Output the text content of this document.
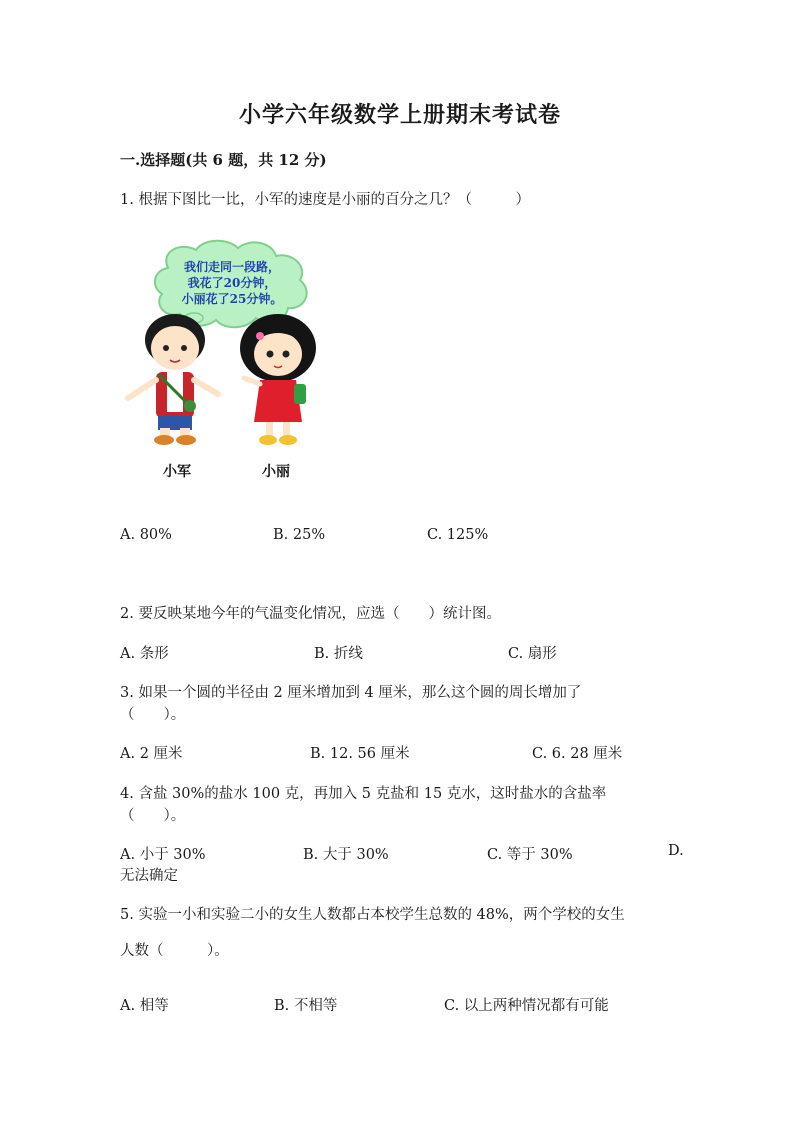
小学六年级数学上册期末考试卷
一.选择题(共 6 题，共 12 分)
1. 根据下图比一比，小军的速度是小丽的百分之几？（　　　）
我们走同一段路，
我花了20分钟，
小丽花了25分钟。
小军	小丽
A. 80%	B. 25%	C. 125%
2. 要反映某地今年的气温变化情况，应选（　　）统计图。
A. 条形	B. 折线	C. 扇形
3. 如果一个圆的半径由 2 厘米增加到 4 厘米，那么这个圆的周长增加了
（　　）。
A. 2 厘米	B. 12. 56 厘米	C. 6. 28 厘米
4. 含盐 30%的盐水 100 克，再加入 5 克盐和 15 克水，这时盐水的含盐率
（　　）。
A. 小于 30%	B. 大于 30%	C. 等于 30%	D.
无法确定
5. 实验一小和实验二小的女生人数都占本校学生总数的 48%，两个学校的女生
人数（　　　）。
A. 相等	B. 不相等	C. 以上两种情况都有可能
